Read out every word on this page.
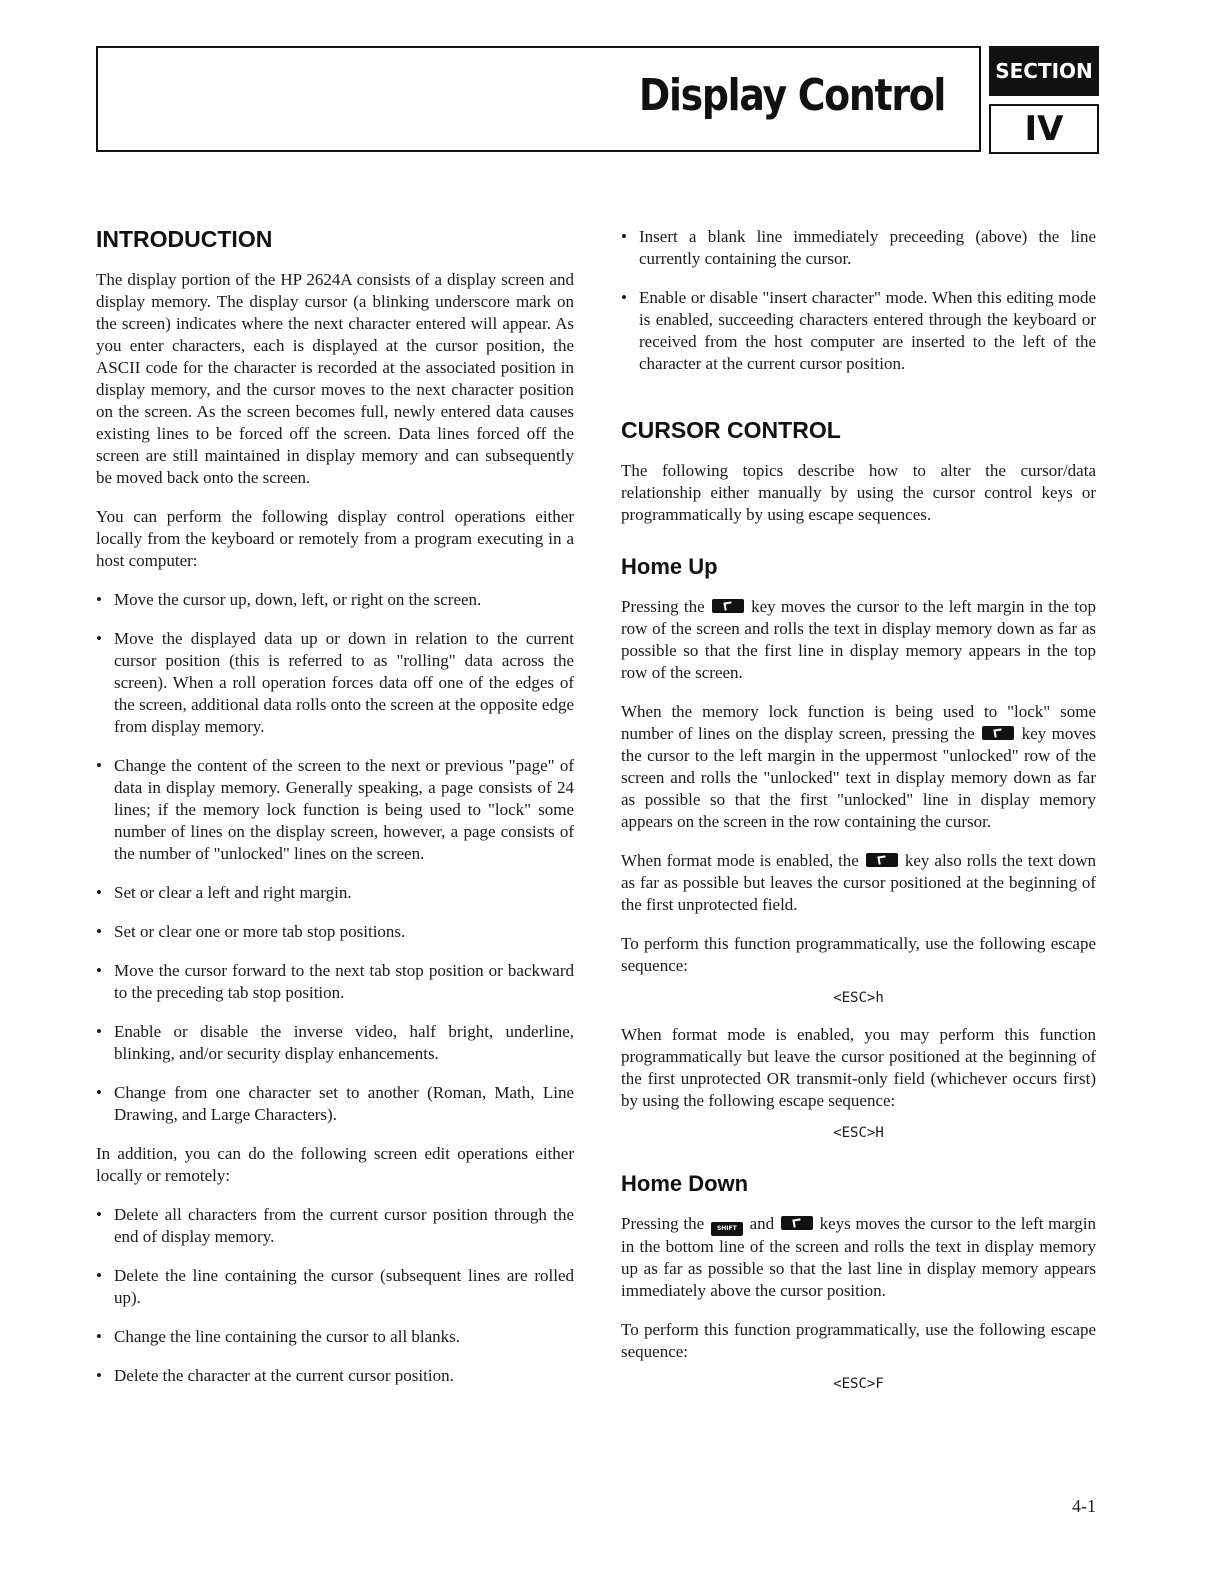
Display Control	SECTION
IV
INTRODUCTION

The display portion of the HP 2624A consists of a display screen and display memory. The display cursor (a blinking underscore mark on the screen) indicates where the next character entered will appear. As you enter characters, each is displayed at the cursor position, the ASCII code for the character is recorded at the associated position in display memory, and the cursor moves to the next character position on the screen. As the screen becomes full, newly entered data causes existing lines to be forced off the screen. Data lines forced off the screen are still maintained in display memory and can subsequently be moved back onto the screen.

You can perform the following display control operations either locally from the keyboard or remotely from a program executing in a host computer:

• Move the cursor up, down, left, or right on the screen.
• Move the displayed data up or down in relation to the current cursor position (this is referred to as "rolling" data across the screen). When a roll operation forces data off one of the edges of the screen, additional data rolls onto the screen at the opposite edge from display memory.
• Change the content of the screen to the next or previous "page" of data in display memory. Generally speaking, a page consists of 24 lines; if the memory lock function is being used to "lock" some number of lines on the display screen, however, a page consists of the number of "unlocked" lines on the screen.
• Set or clear a left and right margin.
• Set or clear one or more tab stop positions.
• Move the cursor forward to the next tab stop position or backward to the preceding tab stop position.
• Enable or disable the inverse video, half bright, underline, blinking, and/or security display enhancements.
• Change from one character set to another (Roman, Math, Line Drawing, and Large Characters).

In addition, you can do the following screen edit operations either locally or remotely:

• Delete all characters from the current cursor position through the end of display memory.
• Delete the line containing the cursor (subsequent lines are rolled up).
• Change the line containing the cursor to all blanks.
• Delete the character at the current cursor position.
• Insert a blank line immediately preceeding (above) the line currently containing the cursor.
• Enable or disable "insert character" mode. When this editing mode is enabled, succeeding characters entered through the keyboard or received from the host computer are inserted to the left of the character at the current cursor position.
CURSOR CONTROL

The following topics describe how to alter the cursor/data relationship either manually by using the cursor control keys or programmatically by using escape sequences.

Home Up

Pressing the	key moves the cursor to the left margin in the top row of the screen and rolls the text in display memory down as far as possible so that the first line in display memory appears in the top row of the screen.

When the memory lock function is being used to "lock" some number of lines on the display screen, pressing the	key moves the cursor to the left margin in the uppermost "unlocked" row of the screen and rolls the "unlocked" text in display memory down as far as possible so that the first "unlocked" line in display memory appears on the screen in the row containing the cursor.

When format mode is enabled, the	key also rolls the text down as far as possible but leaves the cursor positioned at the beginning of the first unprotected field.

To perform this function programmatically, use the following escape sequence:

<ESC>h

When format mode is enabled, you may perform this function programmatically but leave the cursor positioned at the beginning of the first unprotected OR transmit-only field (whichever occurs first) by using the following escape sequence:

<ESC>H
Home Down

Pressing the SHIFT and	keys moves the cursor to the left margin in the bottom line of the screen and rolls the text in display memory up as far as possible so that the last line in display memory appears immediately above the cursor position.

To perform this function programmatically, use the following escape sequence:

<ESC>F
4-1
